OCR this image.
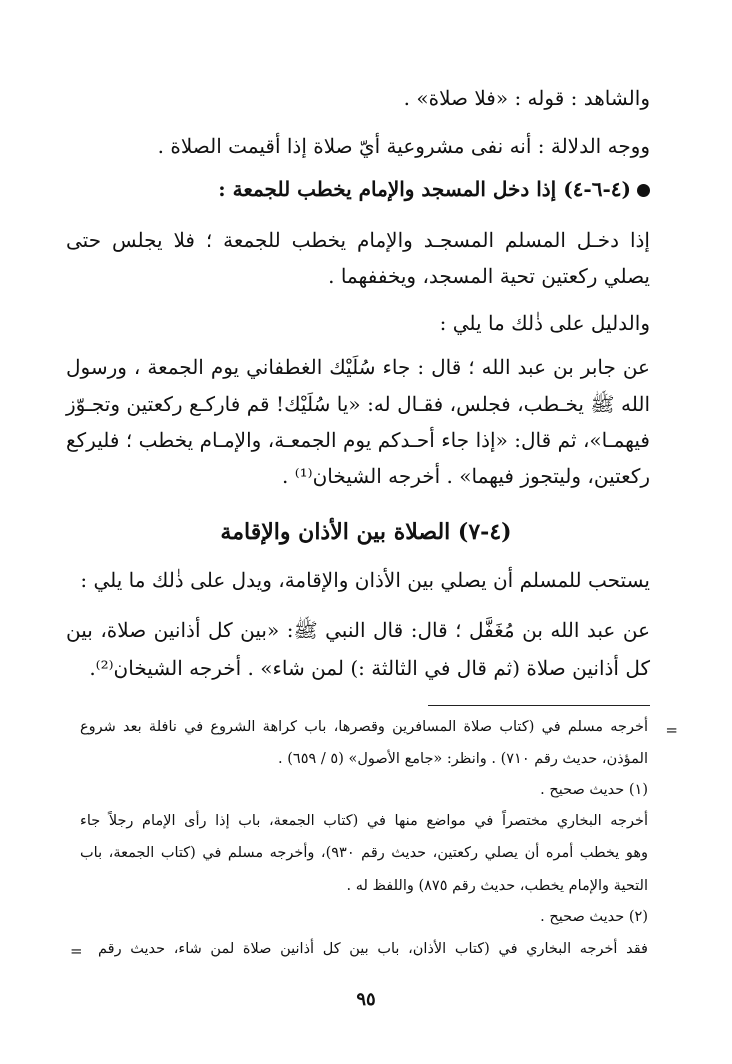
والشاهد : قوله : «فلا صلاة» .
ووجه الدلالة : أنه نفى مشروعية أيّ صلاة إذا أقيمت الصلاة .
(٤-٦-٤) إذا دخل المسجد والإمام يخطب للجمعة :
إذا دخـل المسلم المسجـد والإمام يخطب للجمعة ؛ فلا يجلس حتى
يصلي ركعتين تحية المسجد، ويخففهما .
والدليل على ذٰلك ما يلي :
عن جابر بن عبد الله ؛ قال : جاء سُلَيْك الغطفاني يوم الجمعة ، ورسول
الله ﷺ يخـطب، فجلس، فقـال له: «يا سُلَيْك! قم فاركـع ركعتين وتجـوّز
فيهمـا»، ثم قال: «إذا جاء أحـدكم يوم الجمعـة، والإمـام يخطب ؛ فليركع
ركعتين، وليتجوز فيهما» . أخرجه الشيخان⁽¹⁾ .
(٤-٧) الصلاة بين الأذان والإقامة
يستحب للمسلم أن يصلي بين الأذان والإقامة، ويدل على ذٰلك ما يلي :
عن عبد الله بن مُغَفَّل ؛ قال: قال النبي ﷺ: «بين كل أذانين صلاة، بين
كل أذانين صلاة (ثم قال في الثالثة :) لمن شاء» . أخرجه الشيخان⁽²⁾.
=
أخرجه مسلم في (كتاب صلاة المسافرين وقصرها، باب كراهة الشروع في نافلة بعد شروع
المؤذن، حديث رقم ٧١٠) . وانظر: «جامع الأصول» (٥ / ٦٥٩) .
(١) حديث صحيح .
أخرجه البخاري مختصراً في مواضع منها في (كتاب الجمعة، باب إذا رأى الإمام رجلاً جاء
وهو يخطب أمره أن يصلي ركعتين، حديث رقم ٩٣٠)، وأخرجه مسلم في (كتاب الجمعة، باب
التحية والإمام يخطب، حديث رقم ٨٧٥) واللفظ له .
(٢) حديث صحيح .
فقد أخرجه البخاري في (كتاب الأذان، باب بين كل أذانين صلاة لمن شاء، حديث رقم
=
٩٥
